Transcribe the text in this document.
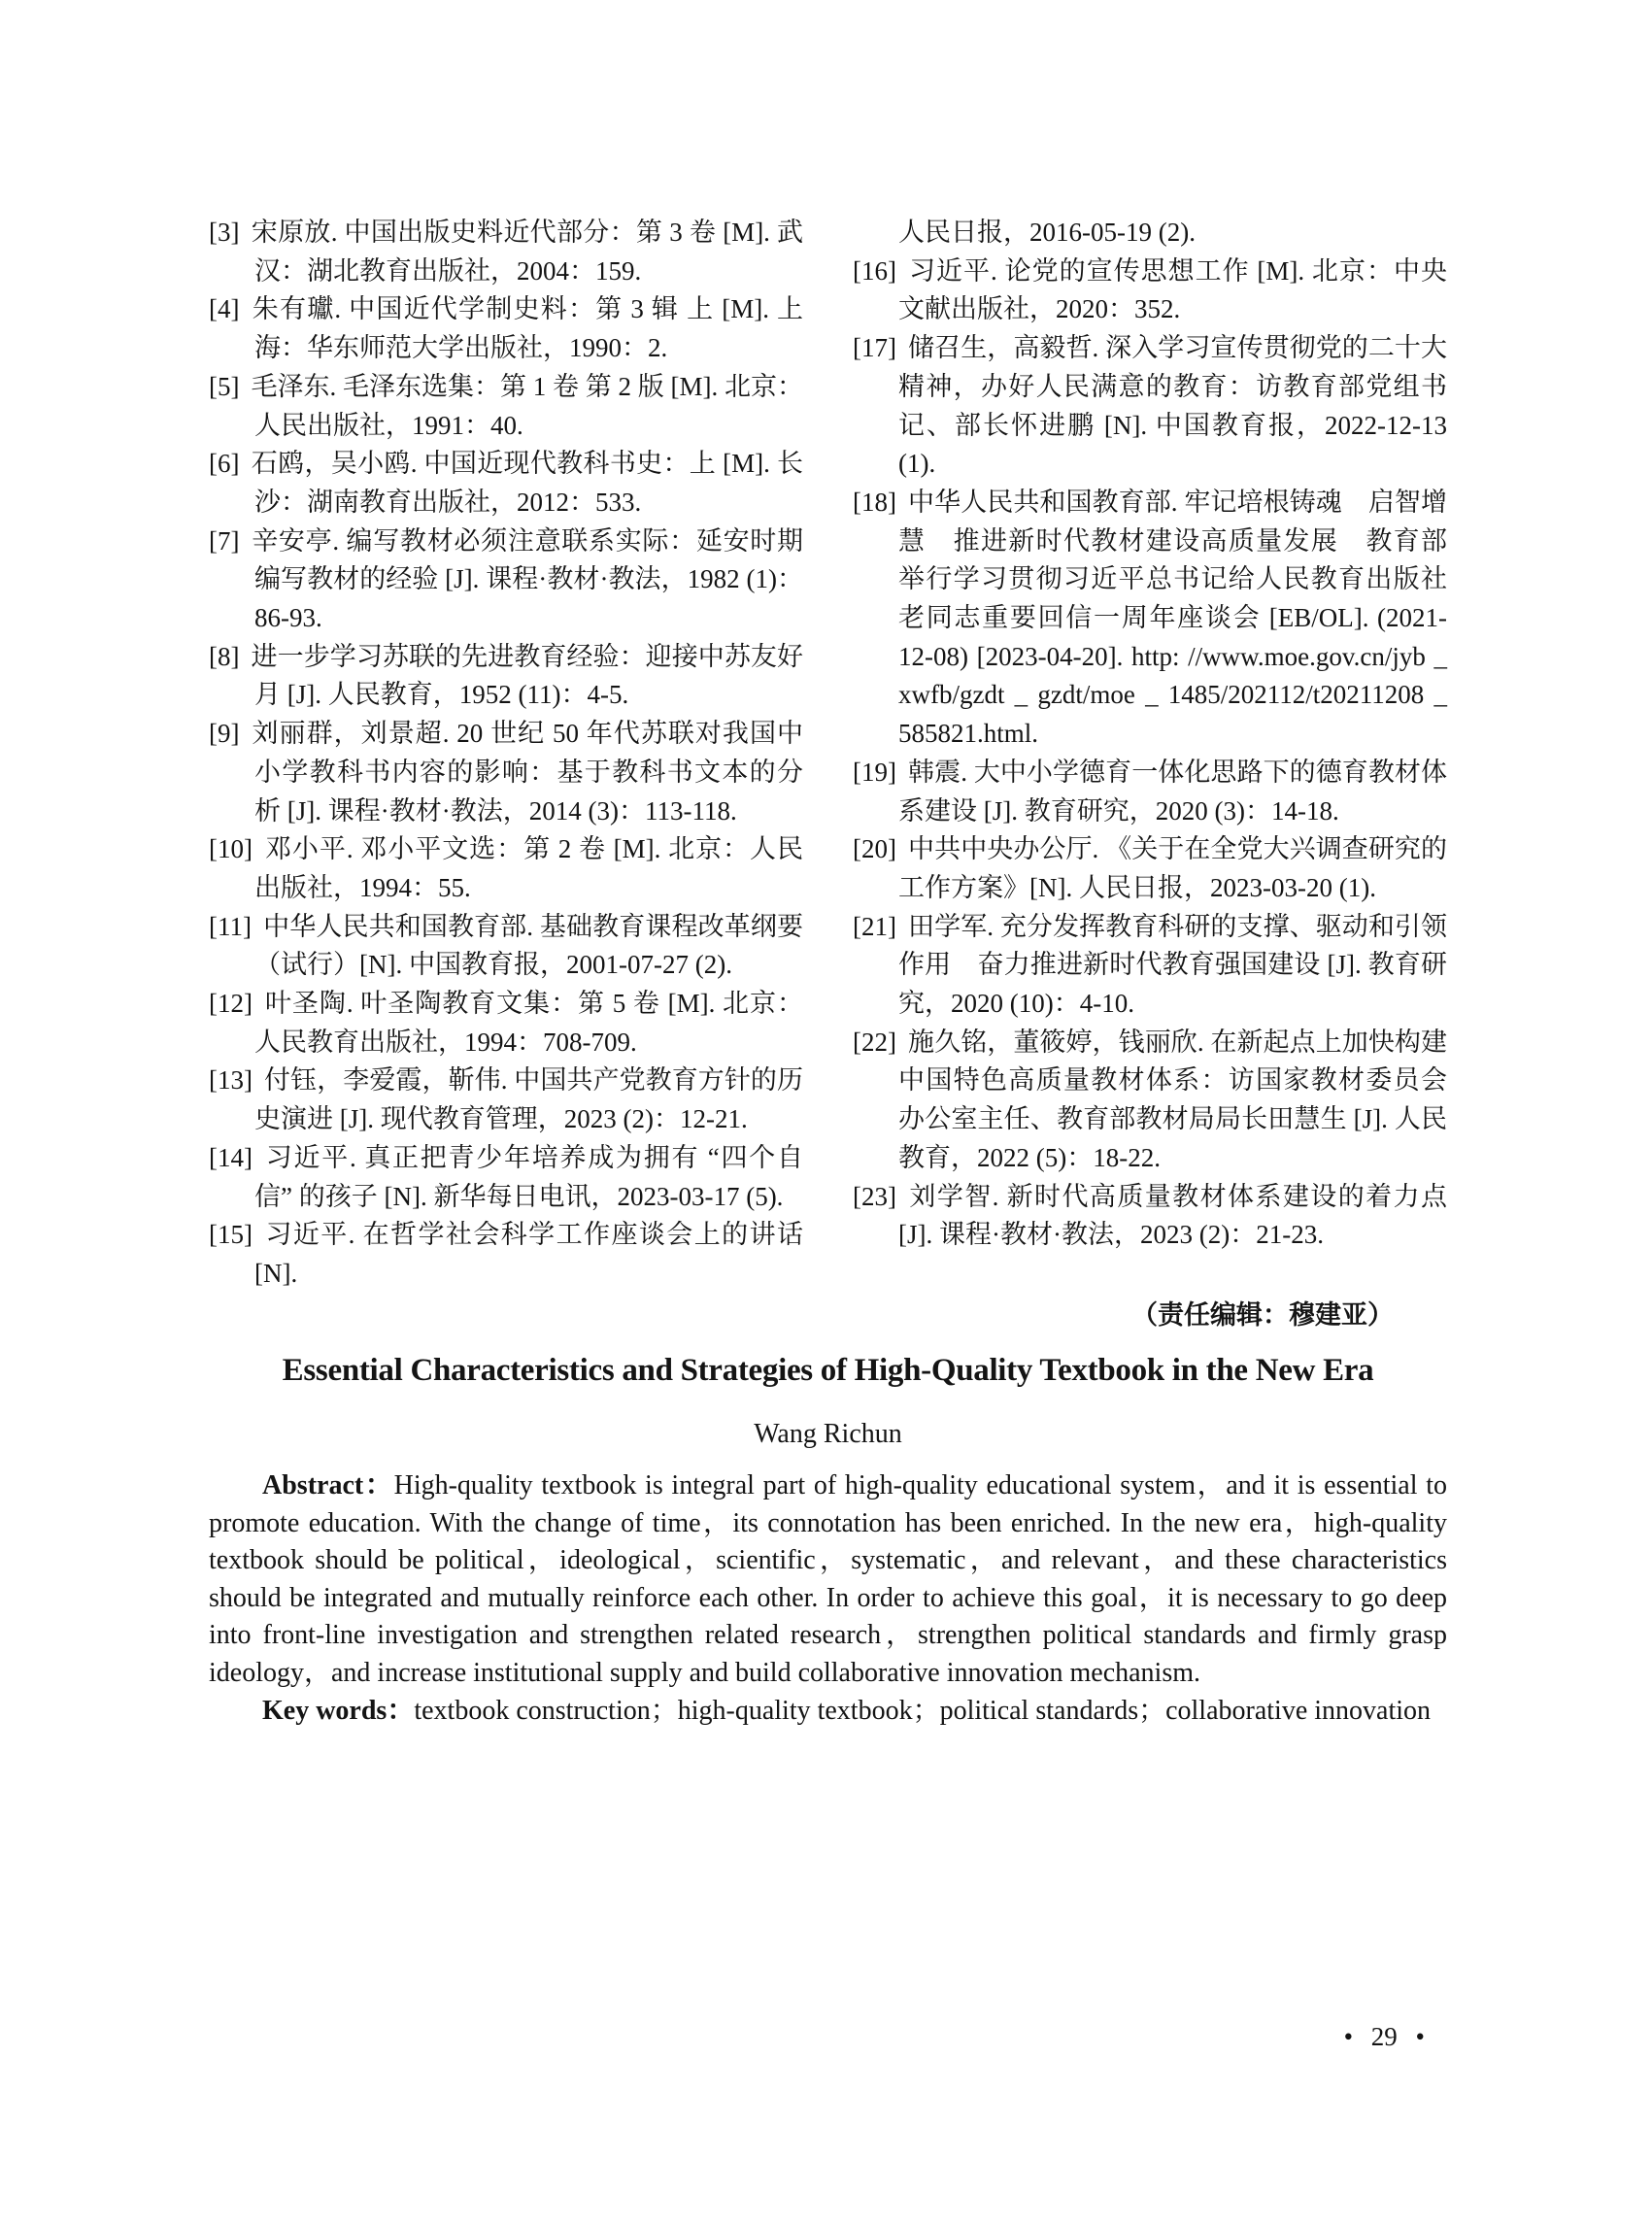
[3] 宋原放. 中国出版史料近代部分：第 3 卷 [M]. 武汉：湖北教育出版社，2004：159.

[4] 朱有瓛. 中国近代学制史料：第 3 辑 上 [M]. 上海：华东师范大学出版社，1990：2.

[5] 毛泽东. 毛泽东选集：第 1 卷 第 2 版 [M]. 北京：人民出版社，1991：40.

[6] 石鸥，吴小鸥. 中国近现代教科书史：上 [M]. 长沙：湖南教育出版社，2012：533.

[7] 辛安亭. 编写教材必须注意联系实际：延安时期编写教材的经验 [J]. 课程·教材·教法，1982 (1)：86-93.

[8] 进一步学习苏联的先进教育经验：迎接中苏友好月 [J]. 人民教育，1952 (11)：4-5.

[9] 刘丽群，刘景超. 20 世纪 50 年代苏联对我国中小学教科书内容的影响：基于教科书文本的分析 [J]. 课程·教材·教法，2014 (3)：113-118.

[10] 邓小平. 邓小平文选：第 2 卷 [M]. 北京：人民出版社，1994：55.

[11] 中华人民共和国教育部. 基础教育课程改革纲要（试行）[N]. 中国教育报，2001-07-27 (2).

[12] 叶圣陶. 叶圣陶教育文集：第 5 卷 [M]. 北京：人民教育出版社，1994：708-709.

[13] 付钰，李爱霞，靳伟. 中国共产党教育方针的历史演进 [J]. 现代教育管理，2023 (2)：12-21.

[14] 习近平. 真正把青少年培养成为拥有 “四个自信” 的孩子 [N]. 新华每日电讯，2023-03-17 (5).

[15] 习近平. 在哲学社会科学工作座谈会上的讲话 [N].

人民日报，2016-05-19 (2).

[16] 习近平. 论党的宣传思想工作 [M]. 北京：中央文献出版社，2020：352.

[17] 储召生，高毅哲. 深入学习宣传贯彻党的二十大精神，办好人民满意的教育：访教育部党组书记、部长怀进鹏 [N]. 中国教育报，2022-12-13 (1).

[18] 中华人民共和国教育部. 牢记培根铸魂　启智增慧　推进新时代教材建设高质量发展　教育部举行学习贯彻习近平总书记给人民教育出版社老同志重要回信一周年座谈会 [EB/OL]. (2021-12-08) [2023-04-20]. http: //www.moe.gov.cn/jyb _ xwfb/gzdt _ gzdt/moe _ 1485/202112/t20211208 _ 585821.html.

[19] 韩震. 大中小学德育一体化思路下的德育教材体系建设 [J]. 教育研究，2020 (3)：14-18.

[20] 中共中央办公厅. 《关于在全党大兴调查研究的工作方案》[N]. 人民日报，2023-03-20 (1).

[21] 田学军. 充分发挥教育科研的支撑、驱动和引领作用　奋力推进新时代教育强国建设 [J]. 教育研究，2020 (10)：4-10.

[22] 施久铭，董筱婷，钱丽欣. 在新起点上加快构建中国特色高质量教材体系：访国家教材委员会办公室主任、教育部教材局局长田慧生 [J]. 人民教育，2022 (5)：18-22.

[23] 刘学智. 新时代高质量教材体系建设的着力点 [J]. 课程·教材·教法，2023 (2)：21-23.

（责任编辑：穆建亚）
Essential Characteristics and Strategies of High-Quality Textbook in the New Era
Wang Richun

Abstract：High-quality textbook is integral part of high-quality educational system，and it is essential to promote education. With the change of time，its connotation has been enriched. In the new era，high-quality textbook should be political，ideological，scientific，systematic，and relevant，and these characteristics should be integrated and mutually reinforce each other. In order to achieve this goal，it is necessary to go deep into front-line investigation and strengthen related research，strengthen political standards and firmly grasp ideology，and increase institutional supply and build collaborative innovation mechanism.

Key words：textbook construction；high-quality textbook；political standards；collaborative innovation

• 29 •
